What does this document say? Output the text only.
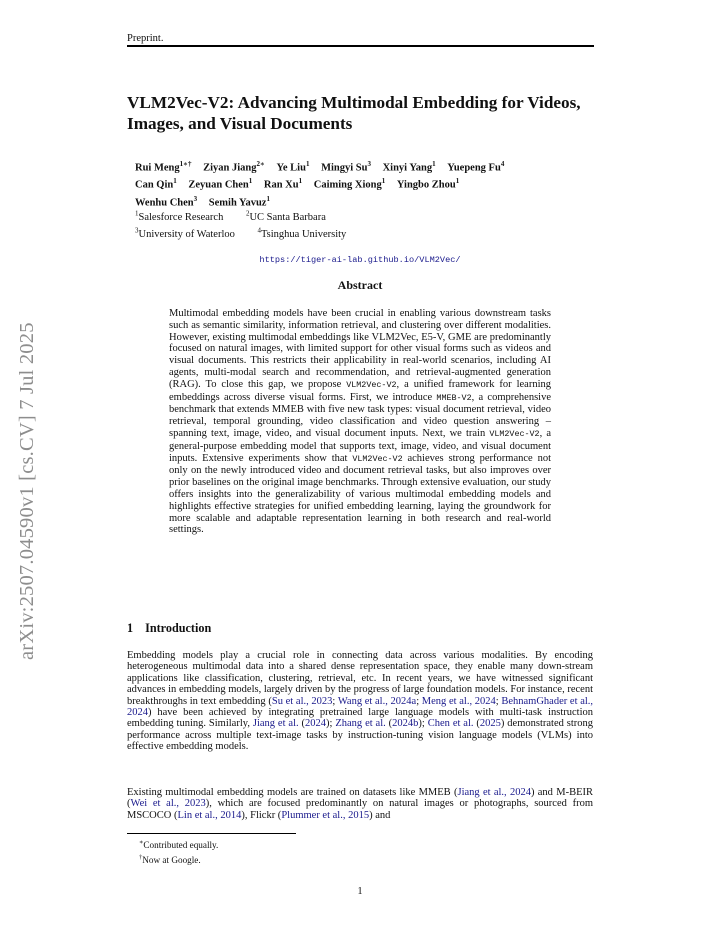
Preprint.
arXiv:2507.04590v1 [cs.CV] 7 Jul 2025
VLM2Vec-V2: Advancing Multimodal Embedding for Videos, Images, and Visual Documents
Rui Meng$^{1∗\dagger}$ Ziyan Jiang$^{2∗}$ Ye Liu$^1$ Mingyi Su$^3$ Xinyi Yang$^1$ Yuepeng Fu$^4$
Can Qin$^1$ Zeyuan Chen$^1$ Ran Xu$^1$ Caiming Xiong$^1$ Yingbo Zhou$^1$
Wenhu Chen$^3$ Semih Yavuz$^1$
$^1$Salesforce Research	$^2$UC Santa Barbara
$^3$University of Waterloo	$^4$Tsinghua University
https://tiger-ai-lab.github.io/VLM2Vec/
Abstract

Multimodal embedding models have been crucial in enabling various downstream tasks such as semantic similarity, information retrieval, and clustering over different modalities. However, existing multimodal embeddings like VLM2Vec, E5-V, GME are predominantly focused on natural images, with limited support for other visual forms such as videos and visual documents. This restricts their applicability in real-world scenarios, including AI agents, multi-modal search and recommendation, and retrieval-augmented generation (RAG). To close this gap, we propose VLM2Vec-V2, a unified framework for learning embeddings across diverse visual forms. First, we introduce MMEB-V2, a comprehensive benchmark that extends MMEB with five new task types: visual document retrieval, video retrieval, temporal grounding, video classification and video question answering – spanning text, image, video, and visual document inputs. Next, we train VLM2Vec-V2, a general-purpose embedding model that supports text, image, video, and visual document inputs. Extensive experiments show that VLM2Vec-V2 achieves strong performance not only on the newly introduced video and document retrieval tasks, but also improves over prior baselines on the original image benchmarks. Through extensive evaluation, our study offers insights into the generalizability of various multimodal embedding models and highlights effective strategies for unified embedding learning, laying the groundwork for more scalable and adaptable representation learning in both research and real-world settings.

1 Introduction

Embedding models play a crucial role in connecting data across various modalities. By encoding heterogeneous multimodal data into a shared dense representation space, they enable many down-stream applications like classification, clustering, retrieval, etc. In recent years, we have witnessed significant advances in embedding models, largely driven by the progress of large foundation models. For instance, recent breakthroughs in text embedding (Su et al., 2023; Wang et al., 2024a; Meng et al., 2024; BehnamGhader et al., 2024) have been achieved by integrating pretrained large language models with multi-task instruction embedding tuning. Similarly, Jiang et al. (2024); Zhang et al. (2024b); Chen et al. (2025) demonstrated strong performance across multiple text-image tasks by instruction-tuning vision language models (VLMs) into effective embedding models.

Existing multimodal embedding models are trained on datasets like MMEB (Jiang et al., 2024) and M-BEIR (Wei et al., 2023), which are focused predominantly on natural images or photographs, sourced from MSCOCO (Lin et al., 2014), Flickr (Plummer et al., 2015) and

∗Contributed equally.
†Now at Google.
1
